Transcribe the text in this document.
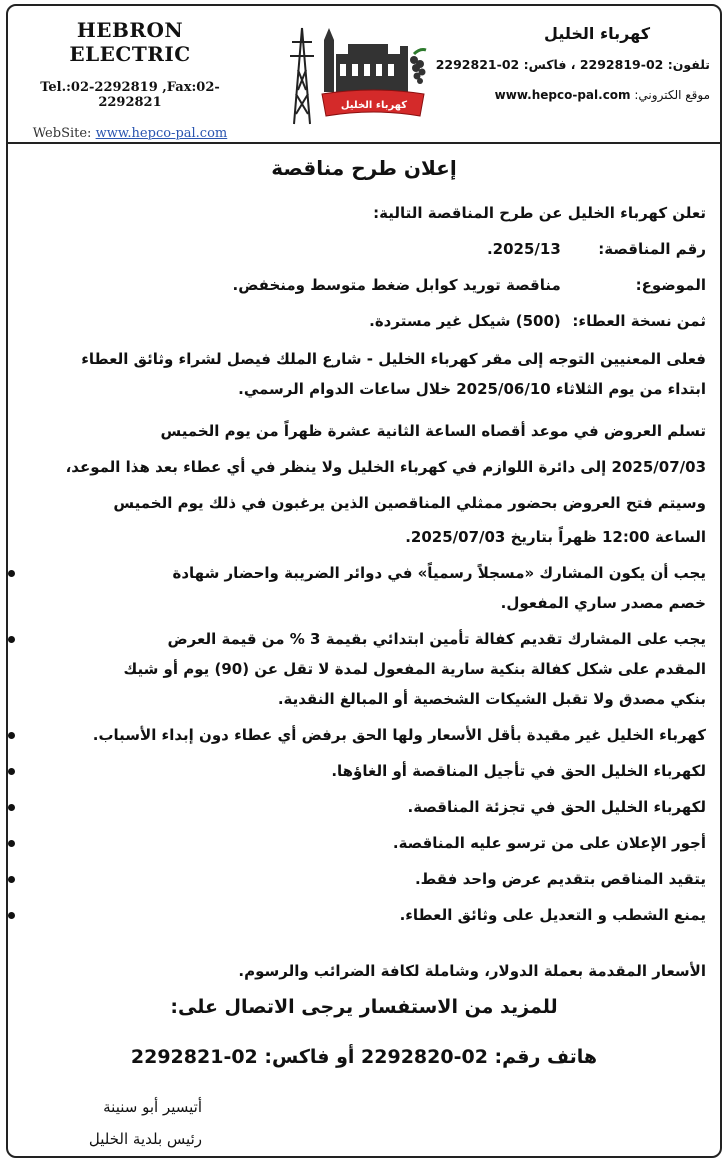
HEBRON ELECTRIC
Tel.:02-2292819 ,Fax:02-2292821
WebSite: www.hepco-pal.com
كهرباء الخليل
كهرباء الخليل
تلفون: 02-2292819 ، فاكس: 02-2292821
موقع الكتروني: www.hepco-pal.com
إعلان طرح مناقصة
تعلن كهرباء الخليل عن طرح المناقصة التالية:
رقم المناقصة: 2025/13.
الموضوع: مناقصة توريد كوابل ضغط متوسط ومنخفض.
ثمن نسخة العطاء: (500) شيكل غير مستردة.
فعلى المعنيين التوجه إلى مقر كهرباء الخليل - شارع الملك فيصل لشراء وثائق العطاء
ابتداء من يوم الثلاثاء 2025/06/10 خلال ساعات الدوام الرسمي.
تسلم العروض في موعد أقصاه الساعة الثانية عشرة ظهراً من يوم الخميس
2025/07/03 إلى دائرة اللوازم في كهرباء الخليل ولا ينظر في أي عطاء بعد هذا الموعد،
وسيتم فتح العروض بحضور ممثلي المناقصين الذين يرغبون في ذلك يوم الخميس
الساعة 12:00 ظهراً بتاريخ 2025/07/03.
يجب أن يكون المشارك «مسجلاً رسمياً» في دوائر الضريبة واحضار شهادة
خصم مصدر ساري المفعول.
يجب على المشارك تقديم كفالة تأمين ابتدائي بقيمة 3 % من قيمة العرض
المقدم على شكل كفالة بنكية سارية المفعول لمدة لا تقل عن (90) يوم أو شيك
بنكي مصدق ولا تقبل الشيكات الشخصية أو المبالغ النقدية.
كهرباء الخليل غير مقيدة بأقل الأسعار ولها الحق برفض أي عطاء دون إبداء الأسباب.
لكهرباء الخليل الحق في تأجيل المناقصة أو الغاؤها.
لكهرباء الخليل الحق في تجزئة المناقصة.
أجور الإعلان على من ترسو عليه المناقصة.
يتقيد المناقص بتقديم عرض واحد فقط.
يمنع الشطب و التعديل على وثائق العطاء.
الأسعار المقدمة بعملة الدولار، وشاملة لكافة الضرائب والرسوم.
للمزيد من الاستفسار يرجى الاتصال على:
هاتف رقم: 02-2292820 أو فاكس: 02-2292821
أتيسير أبو سنينة
رئيس بلدية الخليل
